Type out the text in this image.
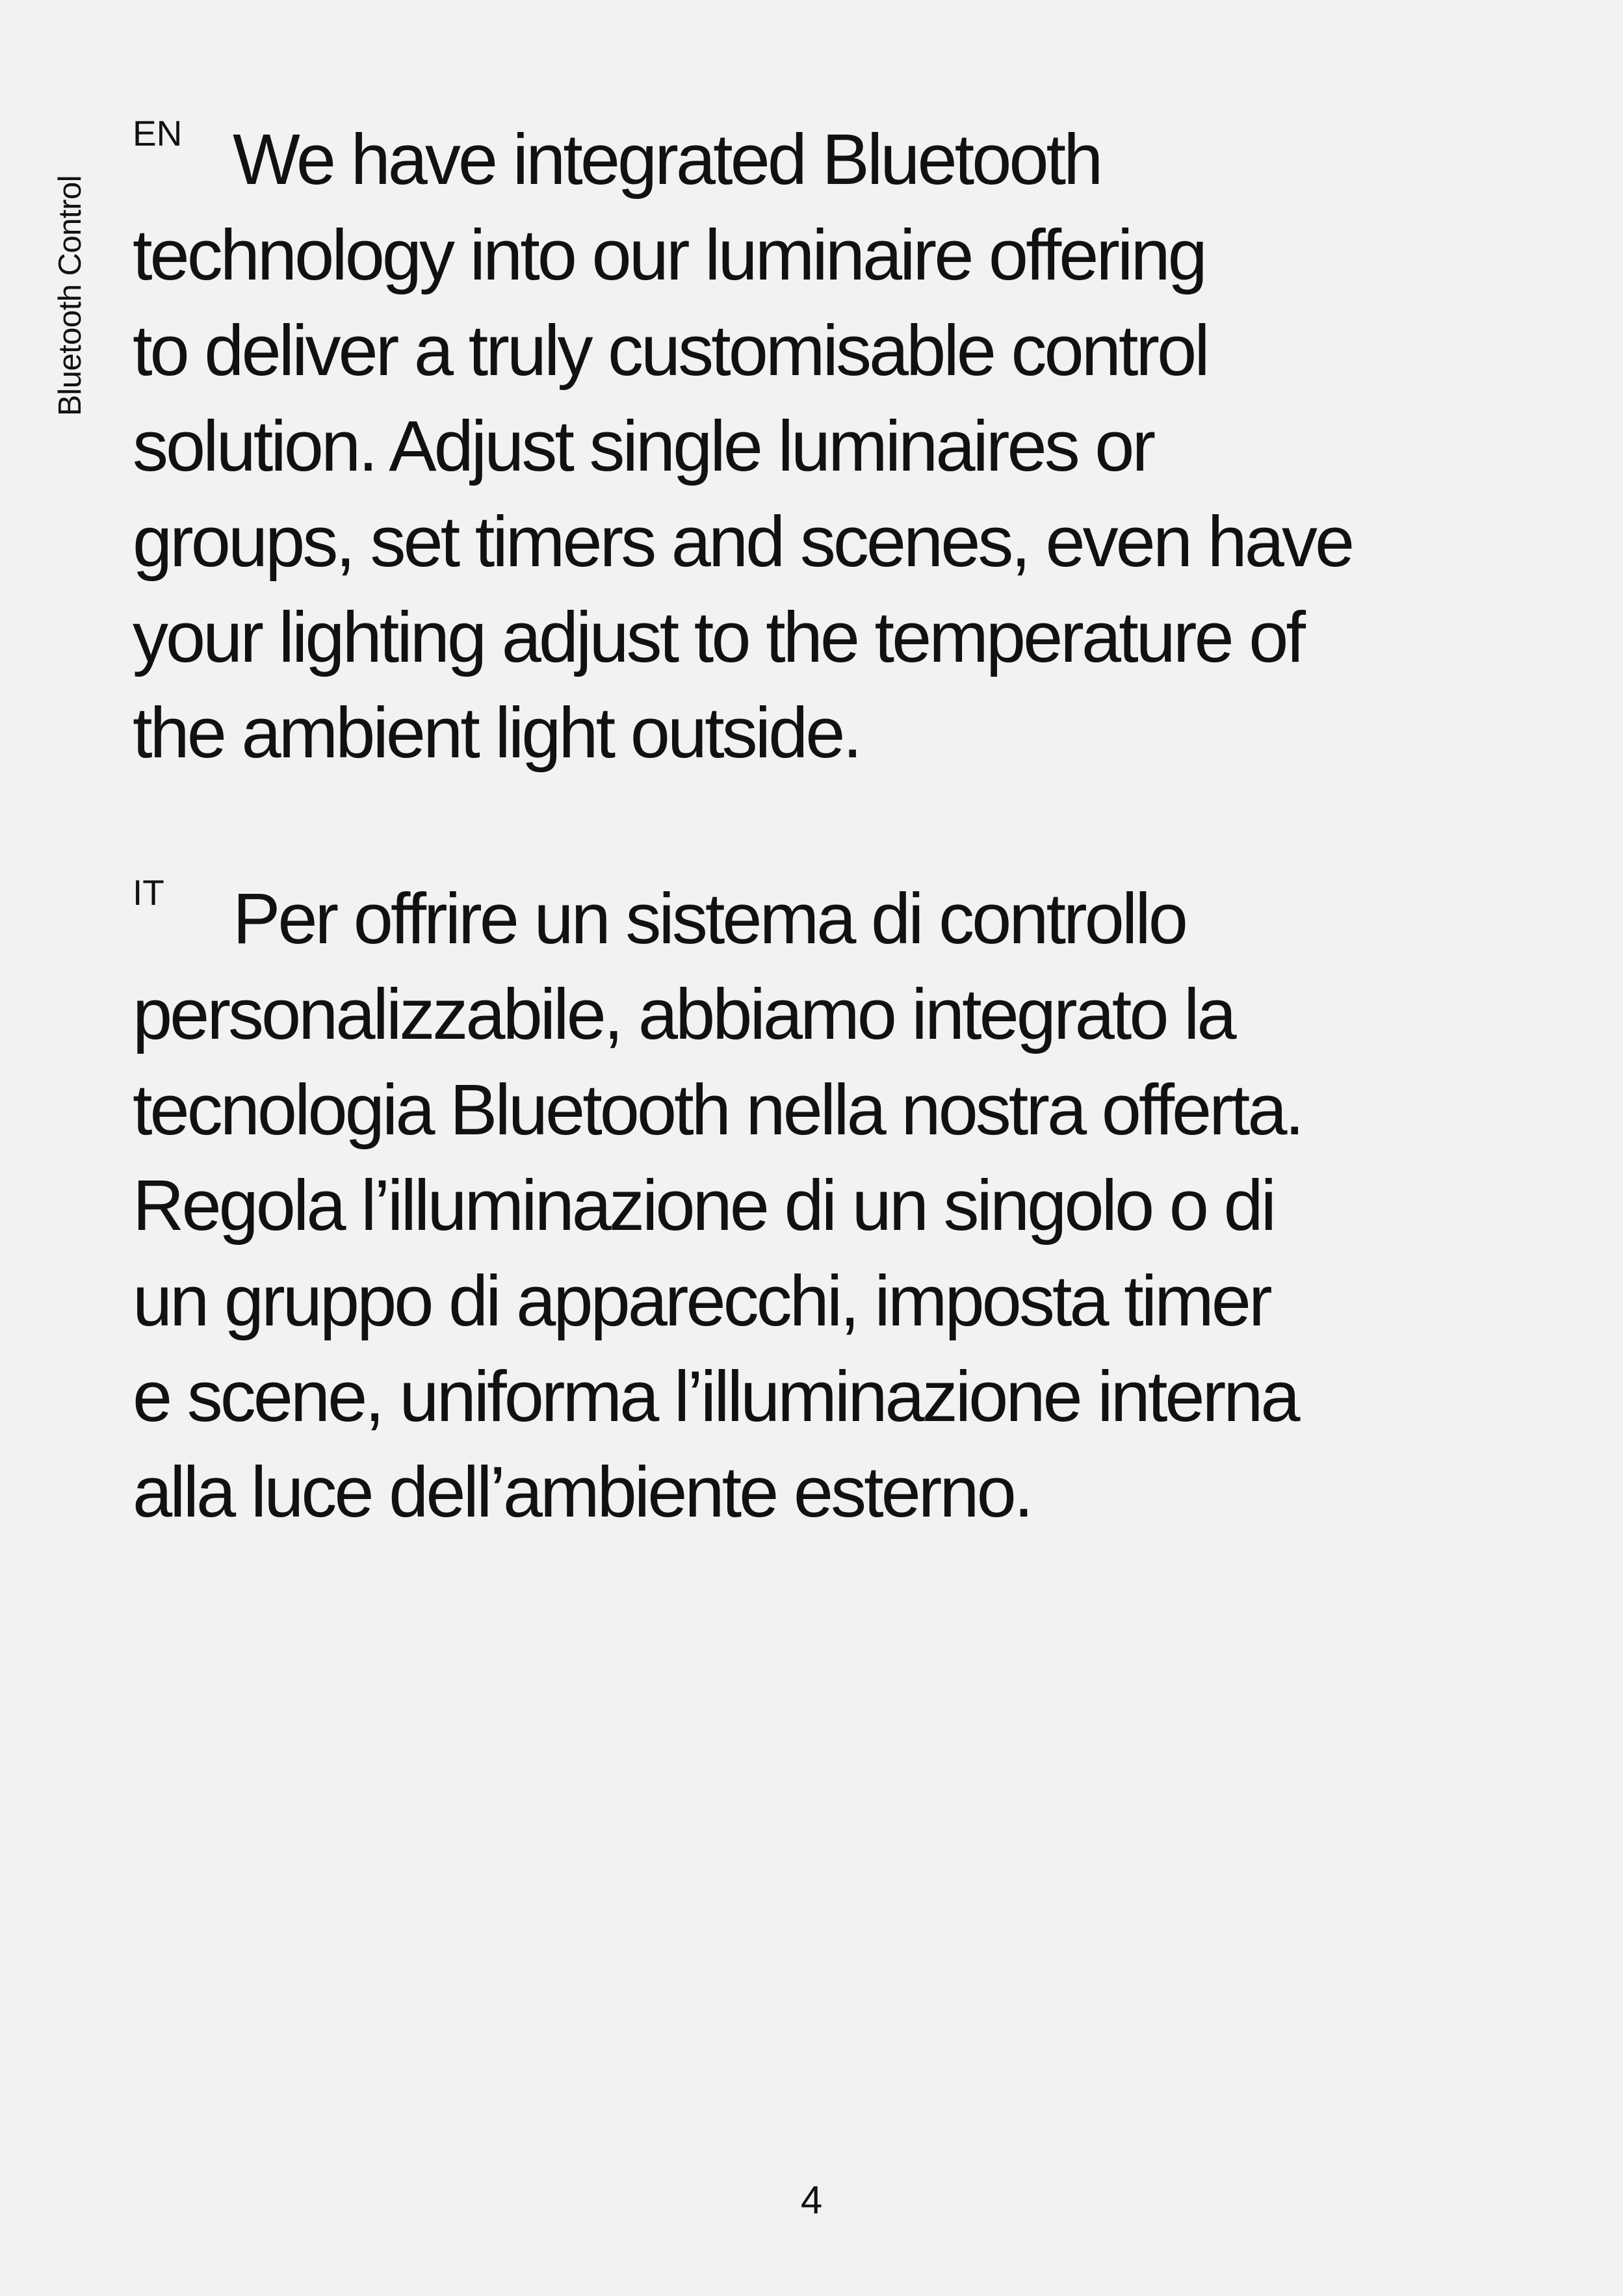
Bluetooth Control
EN We have integrated Bluetooth
technology into our luminaire offering
to deliver a truly customisable control
solution. Adjust single luminaires or
groups, set timers and scenes, even have
your lighting adjust to the temperature of
the ambient light outside.
IT Per offrire un sistema di controllo
personalizzabile, abbiamo integrato la
tecnologia Bluetooth nella nostra offerta.
Regola l’illuminazione di un singolo o di
un gruppo di apparecchi, imposta timer
e scene, uniforma l’illuminazione interna
alla luce dell’ambiente esterno.
4
